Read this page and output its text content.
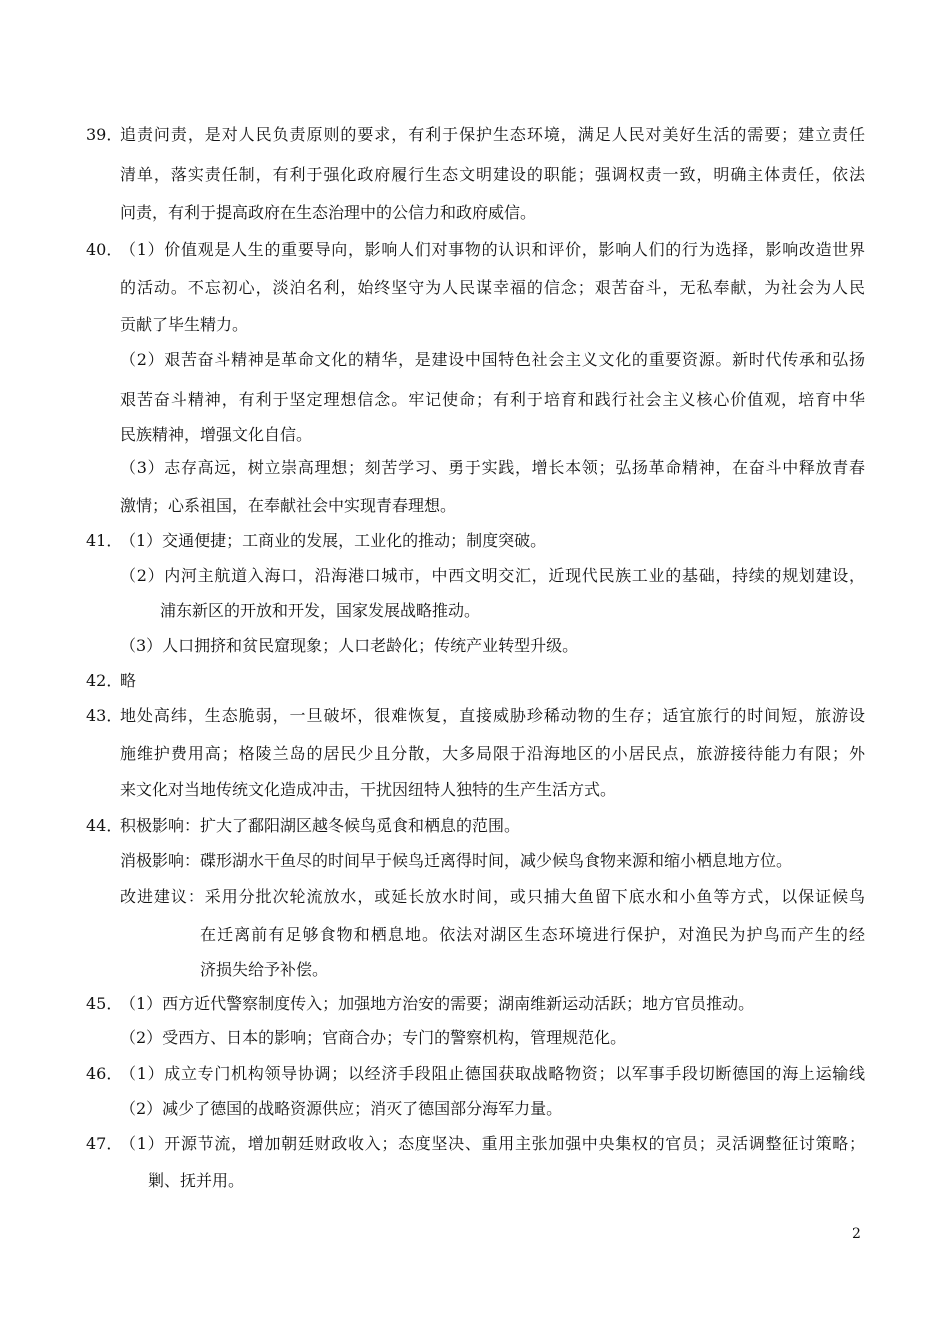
39．
追责问责，是对人民负责原则的要求，有利于保护生态环境，满足人民对美好生活的需要；建立责任
清单，落实责任制，有利于强化政府履行生态文明建设的职能；强调权责一致，明确主体责任，依法
问责，有利于提高政府在生态治理中的公信力和政府威信。
40．
（1）价值观是人生的重要导向，影响人们对事物的认识和评价，影响人们的行为选择，影响改造世界
的活动。不忘初心，淡泊名利，始终坚守为人民谋幸福的信念；艰苦奋斗，无私奉献，为社会为人民
贡献了毕生精力。
（2）艰苦奋斗精神是革命文化的精华，是建设中国特色社会主义文化的重要资源。新时代传承和弘扬
艰苦奋斗精神，有利于坚定理想信念。牢记使命；有利于培育和践行社会主义核心价值观，培育中华
民族精神，增强文化自信。
（3）志存高远，树立崇高理想；刻苦学习、勇于实践，增长本领；弘扬革命精神，在奋斗中释放青春
激情；心系祖国，在奉献社会中实现青春理想。
41．
（1）交通便捷；工商业的发展，工业化的推动；制度突破。
（2）内河主航道入海口，沿海港口城市，中西文明交汇，近现代民族工业的基础，持续的规划建设，
浦东新区的开放和开发，国家发展战略推动。
（3）人口拥挤和贫民窟现象；人口老龄化；传统产业转型升级。
42．
略
43．
地处高纬，生态脆弱，一旦破坏，很难恢复，直接威胁珍稀动物的生存；适宜旅行的时间短，旅游设
施维护费用高；格陵兰岛的居民少且分散，大多局限于沿海地区的小居民点，旅游接待能力有限；外
来文化对当地传统文化造成冲击，干扰因纽特人独特的生产生活方式。
44．
积极影响：扩大了鄱阳湖区越冬候鸟觅食和栖息的范围。
消极影响：碟形湖水干鱼尽的时间早于候鸟迁离得时间，减少候鸟食物来源和缩小栖息地方位。
改进建议：采用分批次轮流放水，或延长放水时间，或只捕大鱼留下底水和小鱼等方式，以保证候鸟
在迁离前有足够食物和栖息地。依法对湖区生态环境进行保护，对渔民为护鸟而产生的经
济损失给予补偿。
45．
（1）西方近代警察制度传入；加强地方治安的需要；湖南维新运动活跃；地方官员推动。
（2）受西方、日本的影响；官商合办；专门的警察机构，管理规范化。
46．
（1）成立专门机构领导协调；以经济手段阻止德国获取战略物资；以军事手段切断德国的海上运输线
（2）减少了德国的战略资源供应；消灭了德国部分海军力量。
47．
（1）开源节流，增加朝廷财政收入；态度坚决、重用主张加强中央集权的官员；灵活调整征讨策略；
剿、抚并用。
2
